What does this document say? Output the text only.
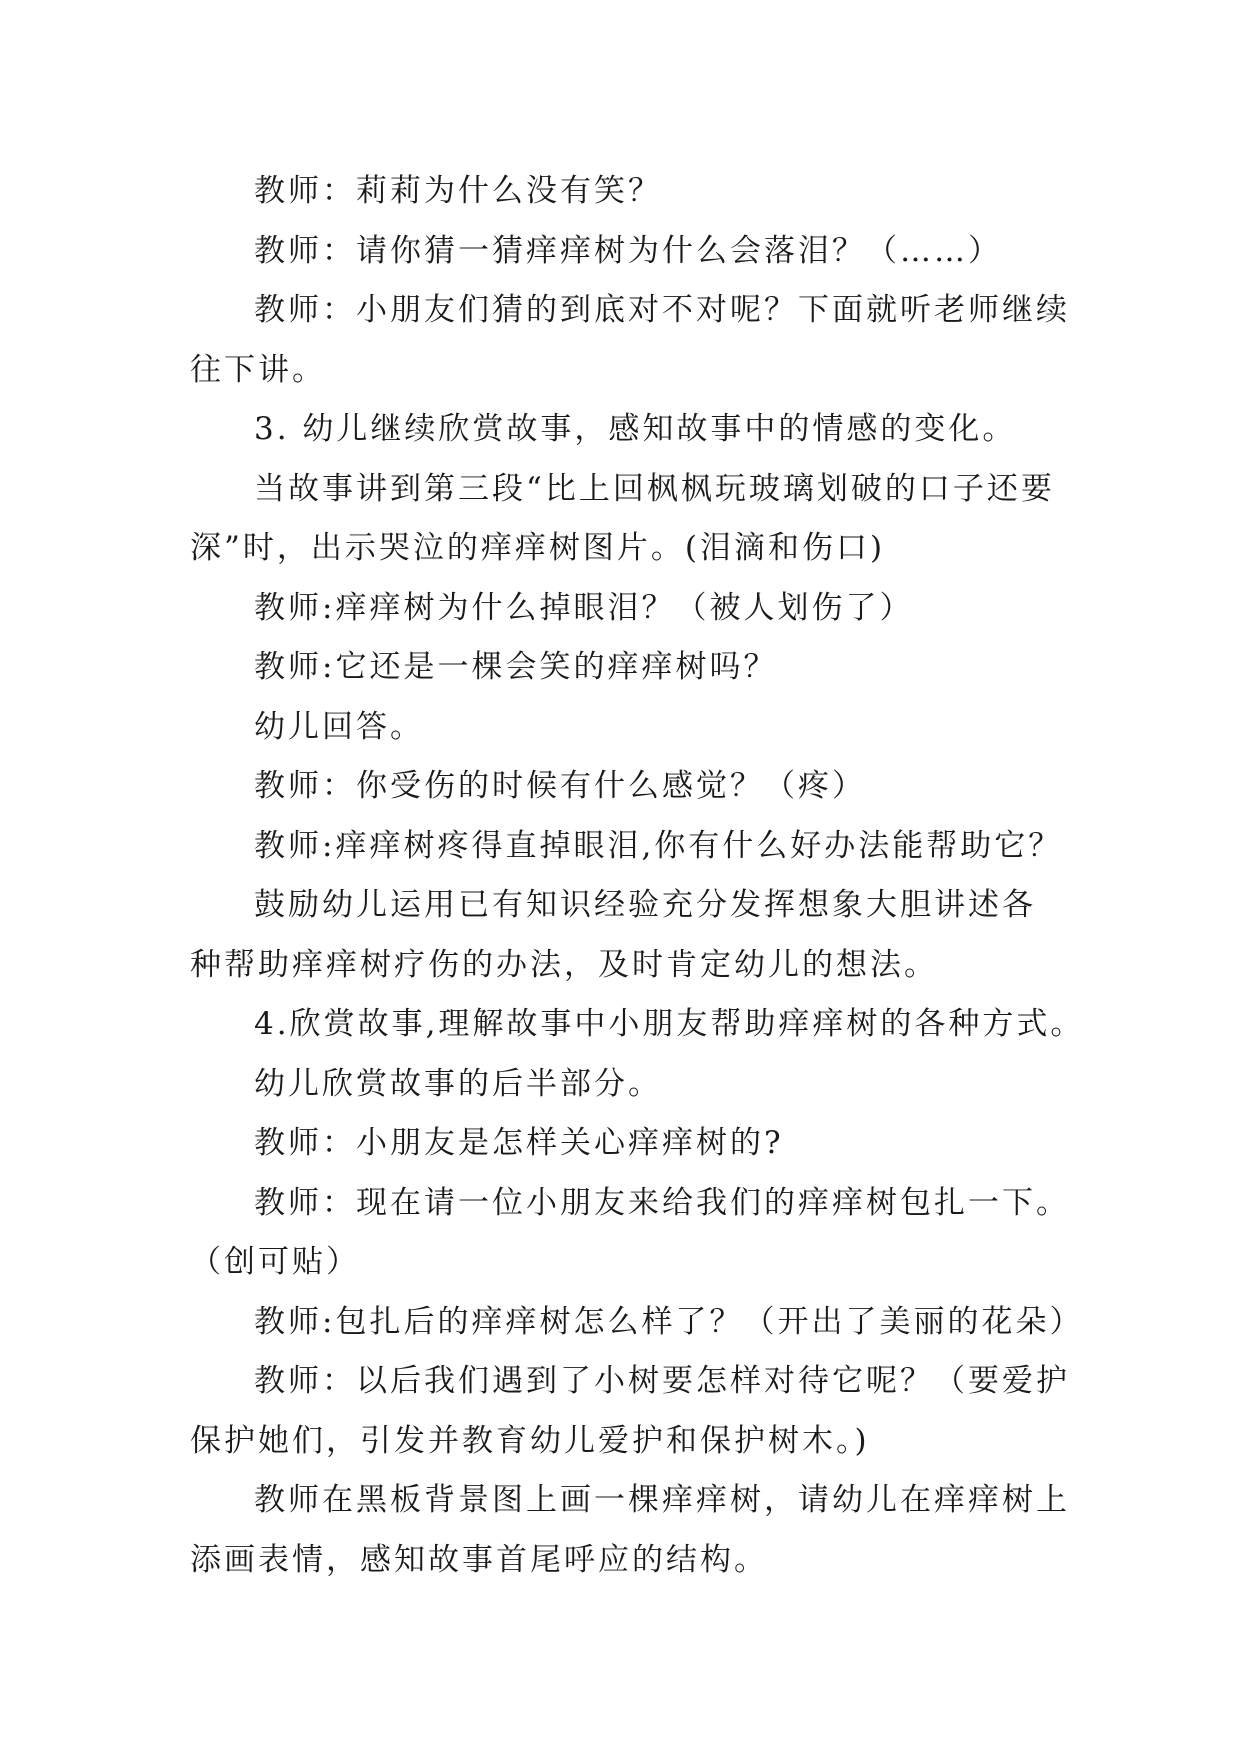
教师：莉莉为什么没有笑？

教师：请你猜一猜痒痒树为什么会落泪？（……）

教师：小朋友们猜的到底对不对呢？下面就听老师继续

往下讲。

3. 幼儿继续欣赏故事，感知故事中的情感的变化。

当故事讲到第三段“比上回枫枫玩玻璃划破的口子还要

深”时，出示哭泣的痒痒树图片。(泪滴和伤口)

教师:痒痒树为什么掉眼泪？（被人划伤了）

教师:它还是一棵会笑的痒痒树吗？

幼儿回答。

教师：你受伤的时候有什么感觉？（疼）

教师:痒痒树疼得直掉眼泪,你有什么好办法能帮助它？

鼓励幼儿运用已有知识经验充分发挥想象大胆讲述各

种帮助痒痒树疗伤的办法，及时肯定幼儿的想法。

4.欣赏故事,理解故事中小朋友帮助痒痒树的各种方式。

幼儿欣赏故事的后半部分。

教师：小朋友是怎样关心痒痒树的?

教师：现在请一位小朋友来给我们的痒痒树包扎一下。

（创可贴）

教师:包扎后的痒痒树怎么样了？（开出了美丽的花朵）

教师：以后我们遇到了小树要怎样对待它呢？（要爱护

保护她们，引发并教育幼儿爱护和保护树木。)

教师在黑板背景图上画一棵痒痒树，请幼儿在痒痒树上

添画表情，感知故事首尾呼应的结构。
